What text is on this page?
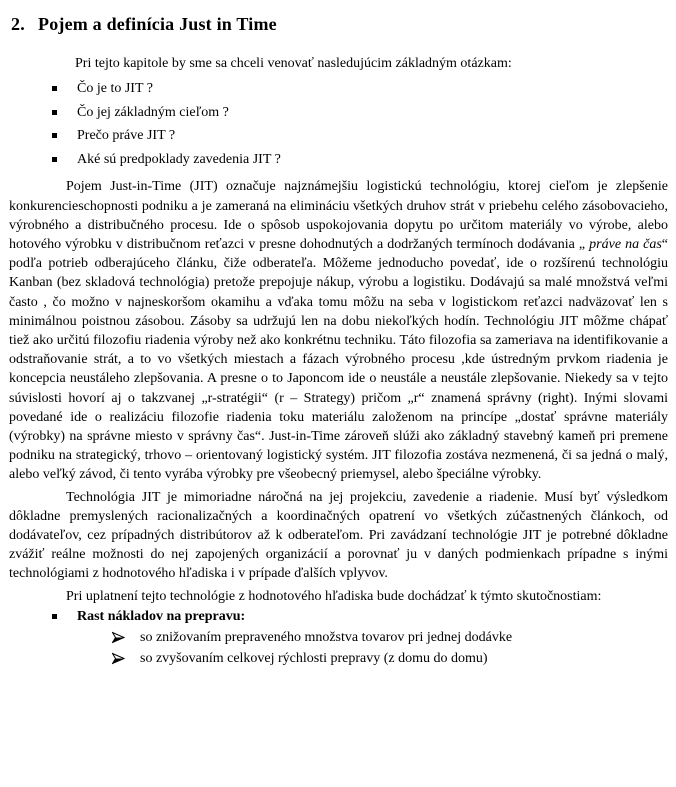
2. Pojem a definícia Just in Time

Pri tejto kapitole by sme sa chceli venovať nasledujúcim základným otázkam:

Čo je to JIT ?
Čo jej základným cieľom ?
Prečo práve JIT ?
Aké sú predpoklady zavedenia JIT ?

Pojem Just-in-Time (JIT) označuje najznámejšiu logistickú technológiu, ktorej cieľom je zlepšenie konkurencieschopnosti podniku a je zameraná na elimináciu všetkých druhov strát v priebehu celého zásobovacieho, výrobného a distribučného procesu. Ide o spôsob uspokojovania dopytu po určitom materiály vo výrobe, alebo hotového výrobku v distribučnom reťazci v presne dohodnutých a dodržaných termínoch dodávania „ práve na čas“ podľa potrieb odberajúceho článku, čiže odberateľa. Môžeme jednoducho povedať, ide o rozšírenú technológiu Kanban (bez skladová technológia) pretože prepojuje nákup, výrobu a logistiku. Dodávajú sa malé množstvá veľmi často , čo možno v najneskoršom okamihu a vďaka tomu môžu na seba v logistickom reťazci nadväzovať len s minimálnou poistnou zásobou. Zásoby sa udržujú len na dobu niekoľkých hodín. Technológiu JIT môžme chápať tiež ako určitú filozofiu riadenia výroby než ako konkrétnu techniku. Táto filozofia sa zameriava na identifikovanie a odstraňovanie strát, a to vo všetkých miestach a fázach výrobného procesu ,kde ústredným prvkom riadenia je koncepcia neustáleho zlepšovania. A presne o to Japoncom ide o neustále a neustále zlepšovanie. Niekedy sa v tejto súvislosti hovorí aj o takzvanej „r-stratégii“ (r – Strategy) pričom „r“ znamená správny (right). Inými slovami povedané ide o realizáciu filozofie riadenia toku materiálu založenom na princípe „dostať správne materiály (výrobky) na správne miesto v správny čas“. Just-in-Time zároveň slúži ako základný stavebný kameň pri premene podniku na strategický, trhovo – orientovaný logistický systém. JIT filozofia zostáva nezmenená, či sa jedná o malý, alebo veľký závod, či tento vyrába výrobky pre všeobecný priemysel, alebo špeciálne výrobky.

Technológia JIT je mimoriadne náročná na jej projekciu, zavedenie a riadenie. Musí byť výsledkom dôkladne premyslených racionalizačných a koordinačných opatrení vo všetkých zúčastnených článkoch, od dodávateľov, cez prípadných distribútorov až k odberateľom. Pri zavádzaní technológie JIT je potrebné dôkladne zvážiť reálne možnosti do nej zapojených organizácií a porovnať ju v daných podmienkach prípadne s inými technológiami z hodnotového hľadiska i v prípade ďalších vplyvov.

Pri uplatnení tejto technológie z hodnotového hľadiska bude dochádzať k týmto skutočnostiam:

Rast nákladov na prepravu:
so znižovaním prepraveného množstva tovarov pri jednej dodávke
so zvyšovaním celkovej rýchlosti prepravy (z domu do domu)
